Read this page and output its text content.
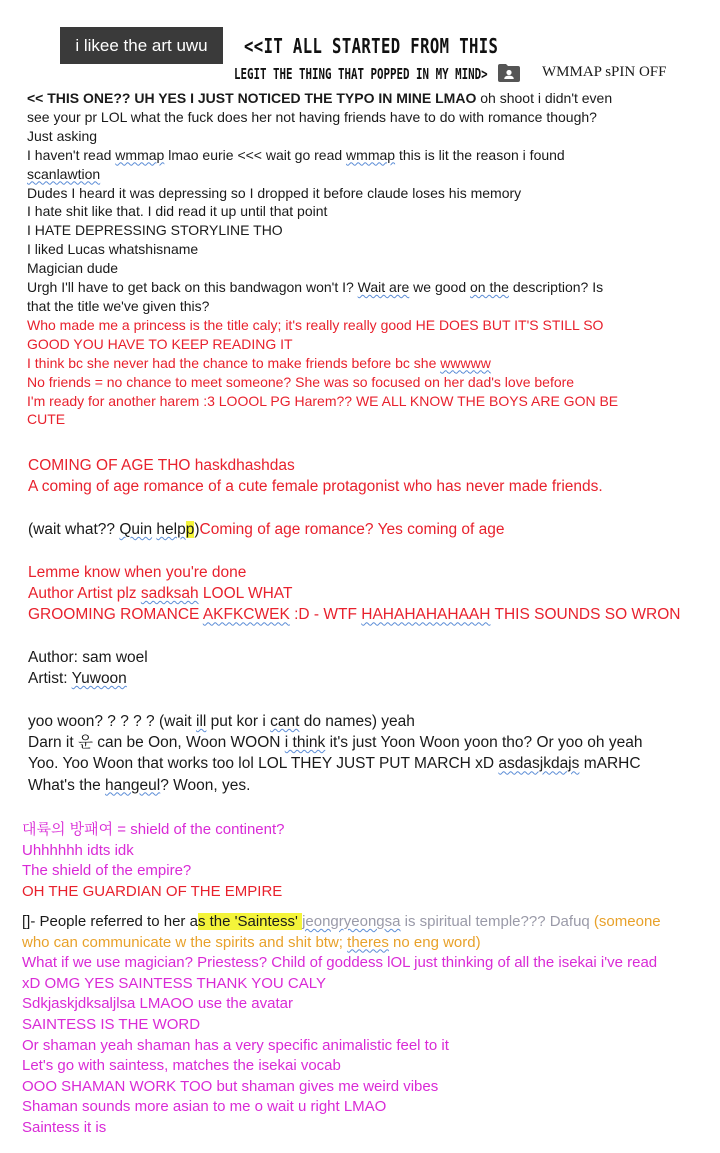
i likee the art uwu	<<IT ALL STARTED FROM THIS
LEGIT THE THING THAT POPPED IN MY MIND>	WMMAP sPIN OFF
<< THIS ONE?? UH YES I JUST NOTICED THE TYPO IN MINE LMAO oh shoot i didn't even
see your pr LOL what the fuck does her not having friends have to do with romance though?
Just asking
I haven't read wmmap lmao eurie <<< wait go read wmmap this is lit the reason i found
scanlawtion
Dudes I heard it was depressing so I dropped it before claude loses his memory
I hate shit like that. I did read it up until that point
I HATE DEPRESSING STORYLINE THO
I liked Lucas whatshisname
Magician dude
Urgh I'll have to get back on this bandwagon won't I? Wait are we good on the description? Is
that the title we've given this?
Who made me a princess is the title caly; it's really really good HE DOES BUT IT'S STILL SO
GOOD YOU HAVE TO KEEP READING IT
I think bc she never had the chance to make friends before bc she wwwww
No friends = no chance to meet someone? She was so focused on her dad's love before
I'm ready for another harem :3 LOOOL PG Harem?? WE ALL KNOW THE BOYS ARE GON BE
CUTE
COMING OF AGE THO haskdhashdas
A coming of age romance of a cute female protagonist who has never made friends.
(wait what?? Quin helpp)Coming of age romance? Yes coming of age
Lemme know when you're done
Author Artist plz sadksah LOOL WHAT
GROOMING ROMANCE AKFKCWEK :D - WTF HAHAHAHAHAAH THIS SOUNDS SO WRON
Author: sam woel
Artist: Yuwoon
yoo woon? ? ? ? ? (wait ill put kor i cant do names) yeah
Darn it 운 can be Oon, Woon WOON i think it's just Yoon Woon yoon tho? Or yoo oh yeah
Yoo. Yoo Woon that works too lol LOL THEY JUST PUT MARCH xD asdasjkdajs mARHC
What's the hangeul? Woon, yes.
대륙의 방패여 = shield of the continent?
Uhhhhhh idts idk
The shield of the empire?
OH THE GUARDIAN OF THE EMPIRE
[]- People referred to her as the 'Saintess' jeongryeongsa is spiritual temple??? Dafuq (someone
who can communicate w the spirits and shit btw; theres no eng word)
What if we use magician? Priestess? Child of goddess lOL just thinking of all the isekai i've read
xD OMG YES SAINTESS THANK YOU CALY
Sdkjaskjdksaljlsa LMAOO use the avatar
SAINTESS IS THE WORD
Or shaman yeah shaman has a very specific animalistic feel to it
Let's go with saintess, matches the isekai vocab
OOO SHAMAN WORK TOO but shaman gives me weird vibes
Shaman sounds more asian to me o wait u right LMAO
Saintess it is
